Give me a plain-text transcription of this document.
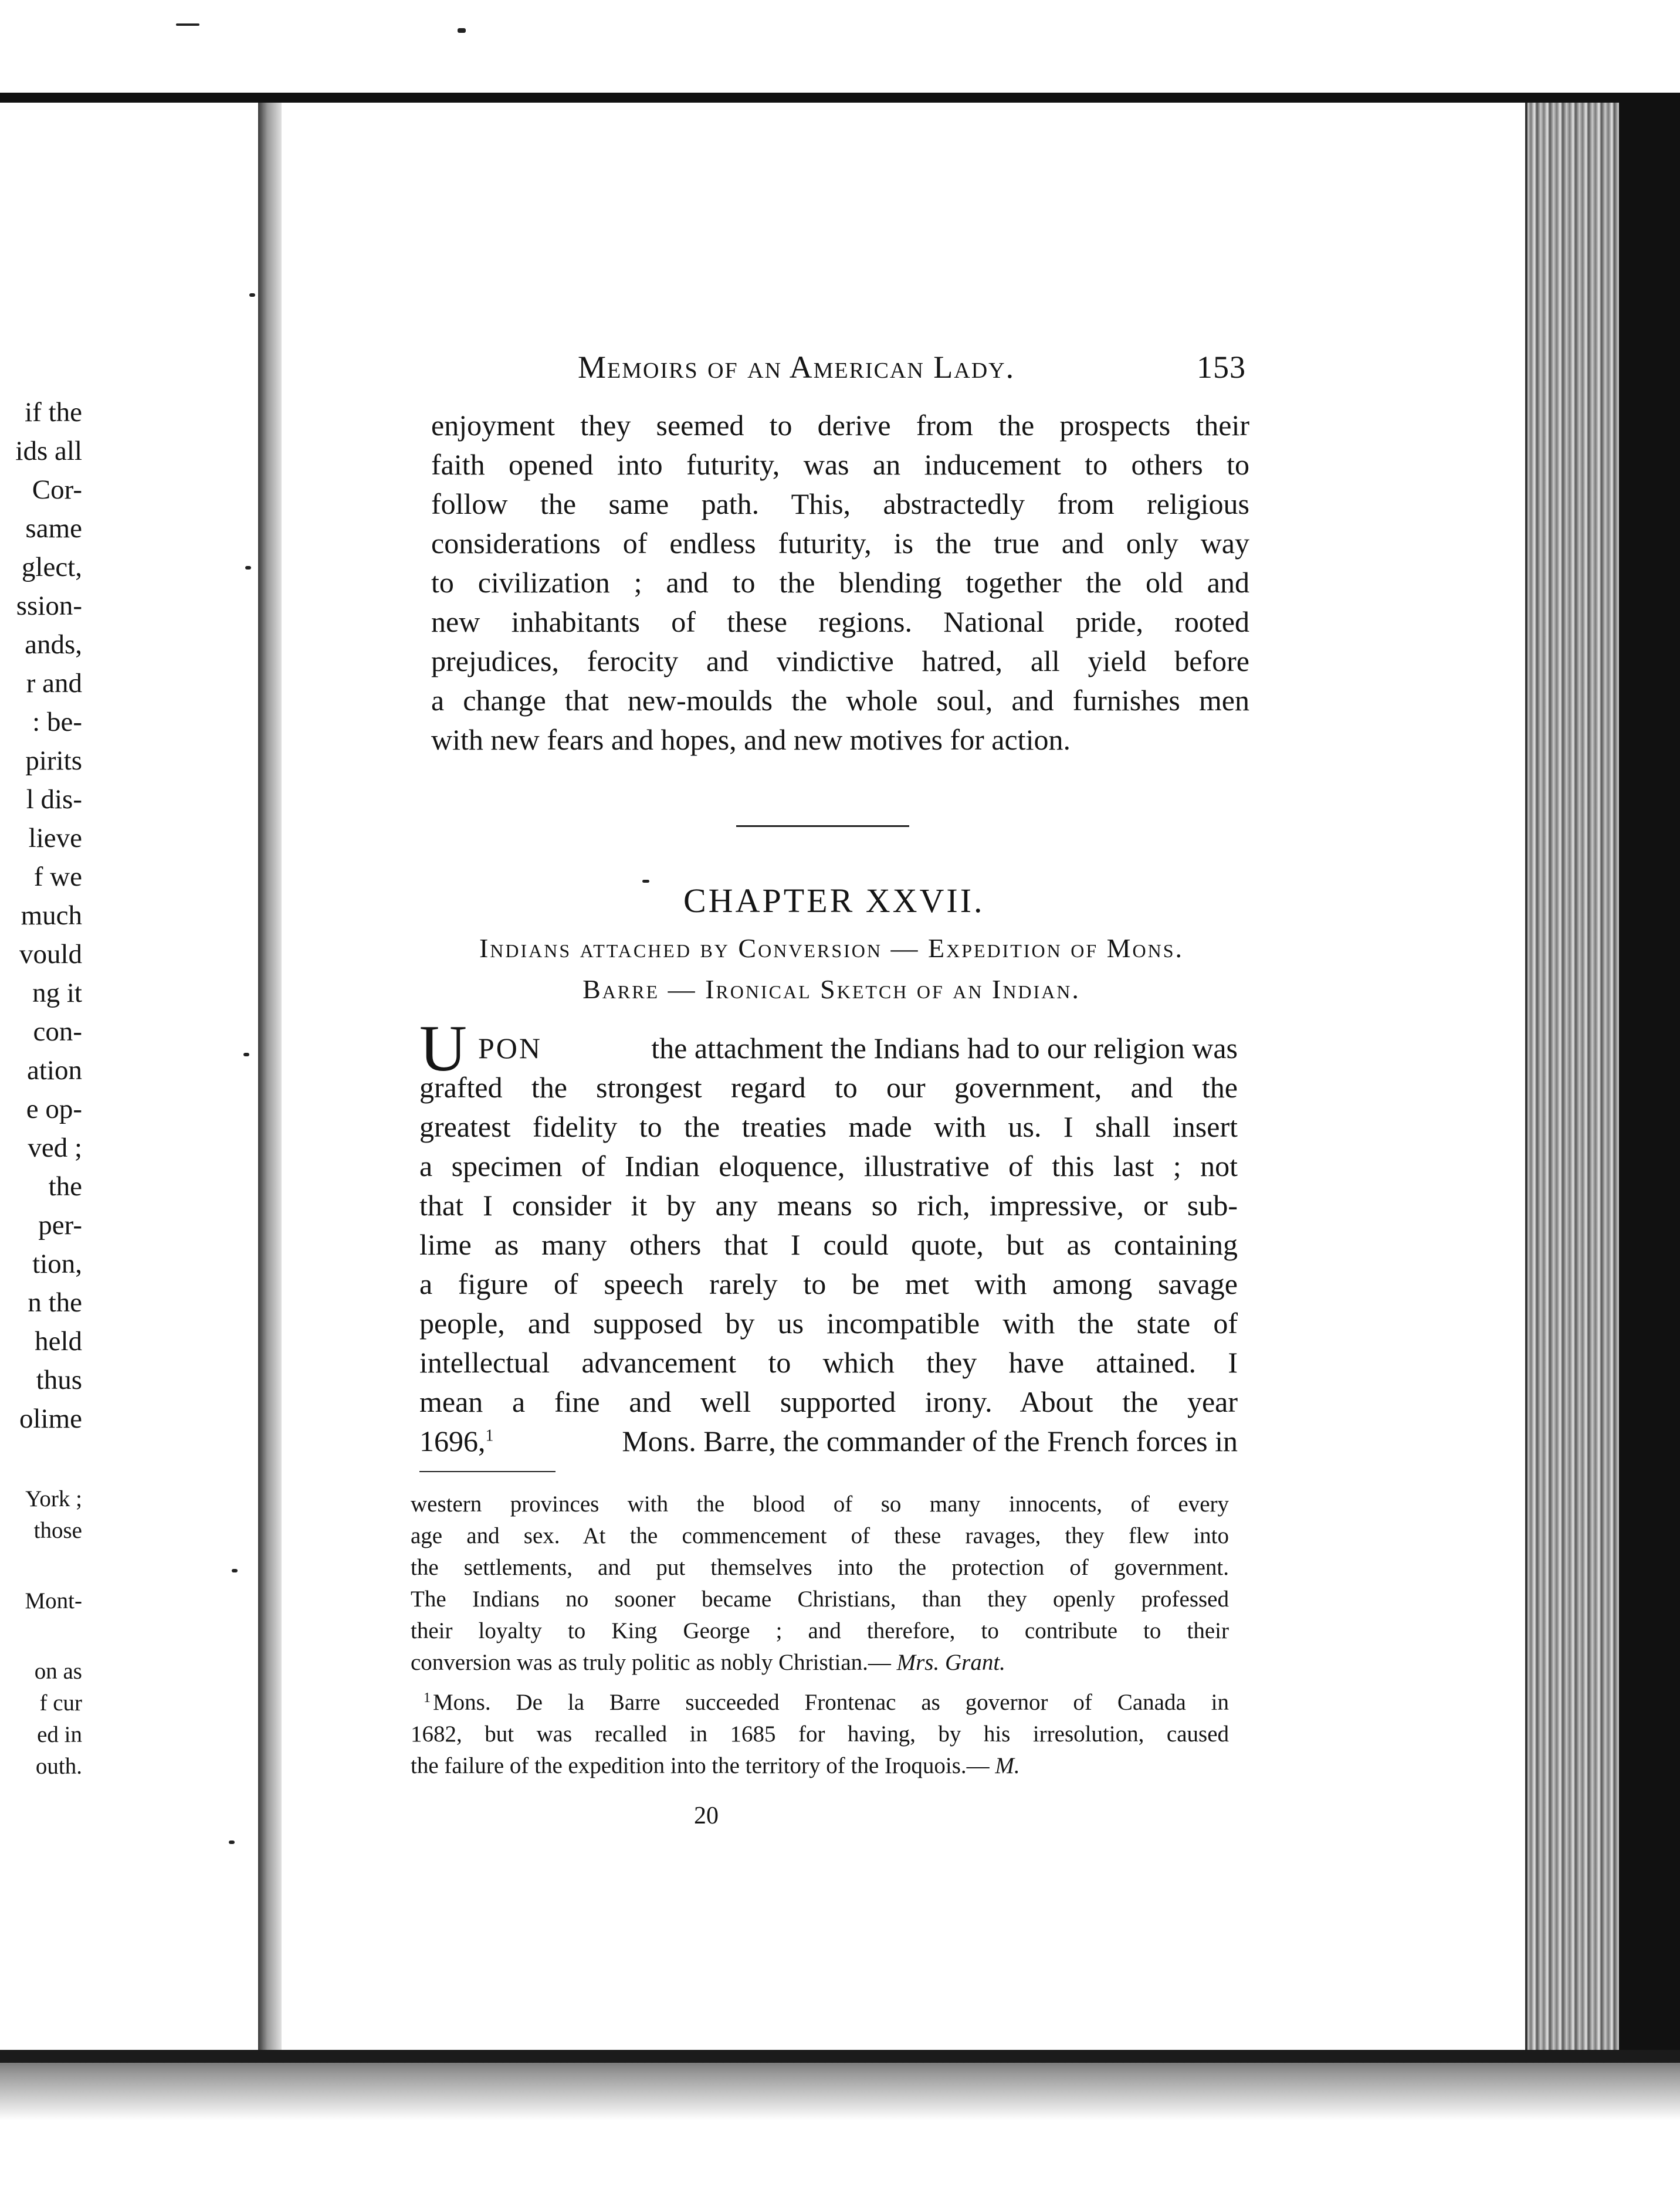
if the
ids all
Cor-
same
glect,
ssion-
ands,
r and
: be-
pirits
l dis-
lieve
f we
much
vould
ng it
con-
ation
e op-
ved ;
the
per-
tion,
n the
held
thus
olime
York ;
those
Mont-
on as
f cur
ed in
outh.
Memoirs of an American Lady.	153
enjoyment they seemed to derive from the prospects their
faith opened into futurity, was an inducement to others to
follow the same path. This, abstractedly from religious
considerations of endless futurity, is the true and only way
to civilization ; and to the blending together the old and
new inhabitants of these regions. National pride, rooted
prejudices, ferocity and vindictive hatred, all yield before
a change that new-moulds the whole soul, and furnishes men
with new fears and hopes, and new motives for action.
CHAPTER XXVII.
Indians attached by Conversion — Expedition of Mons.
Barre — Ironical Sketch of an Indian.
U PON	the attachment the Indians had to our religion was
grafted the strongest regard to our government, and the
greatest fidelity to the treaties made with us. I shall insert
a specimen of Indian eloquence, illustrative of this last ; not
that I consider it by any means so rich, impressive, or sub-
lime as many others that I could quote, but as containing
a figure of speech rarely to be met with among savage
people, and supposed by us incompatible with the state of
intellectual advancement to which they have attained. I
mean a fine and well supported irony. About the year
1696,$^1$	Mons. Barre, the commander of the French forces in
western provinces with the blood of so many innocents, of every
age and sex. At the commencement of these ravages, they flew into
the settlements, and put themselves into the protection of government.
The Indians no sooner became Christians, than they openly professed
their loyalty to King George ; and therefore, to contribute to their
conversion was as truly politic as nobly Christian.— Mrs. Grant.
1 Mons. De la Barre succeeded Frontenac as governor of Canada in
1682, but was recalled in 1685 for having, by his irresolution, caused
the failure of the expedition into the territory of the Iroquois.— M.
20
